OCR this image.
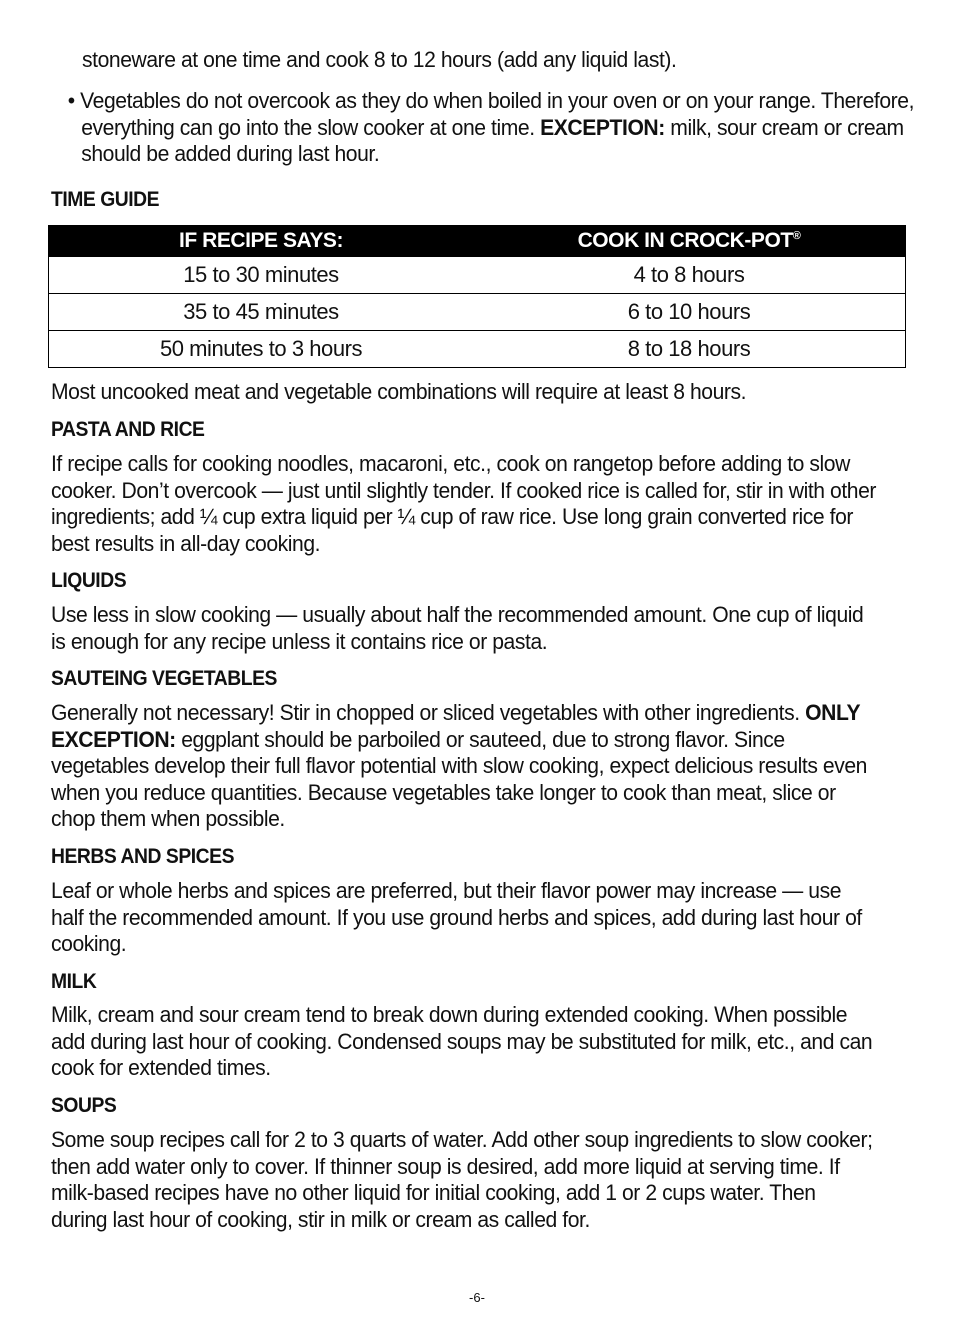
stoneware at one time and cook 8 to 12 hours (add any liquid last).

• Vegetables do not overcook as they do when boiled in your oven or on your range. Therefore, everything can go into the slow cooker at one time. EXCEPTION: milk, sour cream or cream should be added during last hour.

TIME GUIDE
IF RECIPE SAYS:	COOK IN CROCK-POT®
15 to 30 minutes	4 to 8 hours
35 to 45 minutes	6 to 10 hours
50 minutes to 3 hours	8 to 18 hours

Most uncooked meat and vegetable combinations will require at least 8 hours.

PASTA AND RICE

If recipe calls for cooking noodles, macaroni, etc., cook on rangetop before adding to slow cooker. Don’t overcook — just until slightly tender. If cooked rice is called for, stir in with other ingredients; add ¼ cup extra liquid per ¼ cup of raw rice. Use long grain converted rice for best results in all-day cooking.

LIQUIDS

Use less in slow cooking — usually about half the recommended amount. One cup of liquid is enough for any recipe unless it contains rice or pasta.

SAUTEING VEGETABLES

Generally not necessary! Stir in chopped or sliced vegetables with other ingredients. ONLY EXCEPTION: eggplant should be parboiled or sauteed, due to strong flavor. Since vegetables develop their full flavor potential with slow cooking, expect delicious results even when you reduce quantities. Because vegetables take longer to cook than meat, slice or chop them when possible.

HERBS AND SPICES

Leaf or whole herbs and spices are preferred, but their flavor power may increase — use half the recommended amount. If you use ground herbs and spices, add during last hour of cooking.

MILK

Milk, cream and sour cream tend to break down during extended cooking. When possible add during last hour of cooking. Condensed soups may be substituted for milk, etc., and can cook for extended times.

SOUPS

Some soup recipes call for 2 to 3 quarts of water. Add other soup ingredients to slow cooker; then add water only to cover. If thinner soup is desired, add more liquid at serving time. If milk-based recipes have no other liquid for initial cooking, add 1 or 2 cups water. Then during last hour of cooking, stir in milk or cream as called for.

-6-
